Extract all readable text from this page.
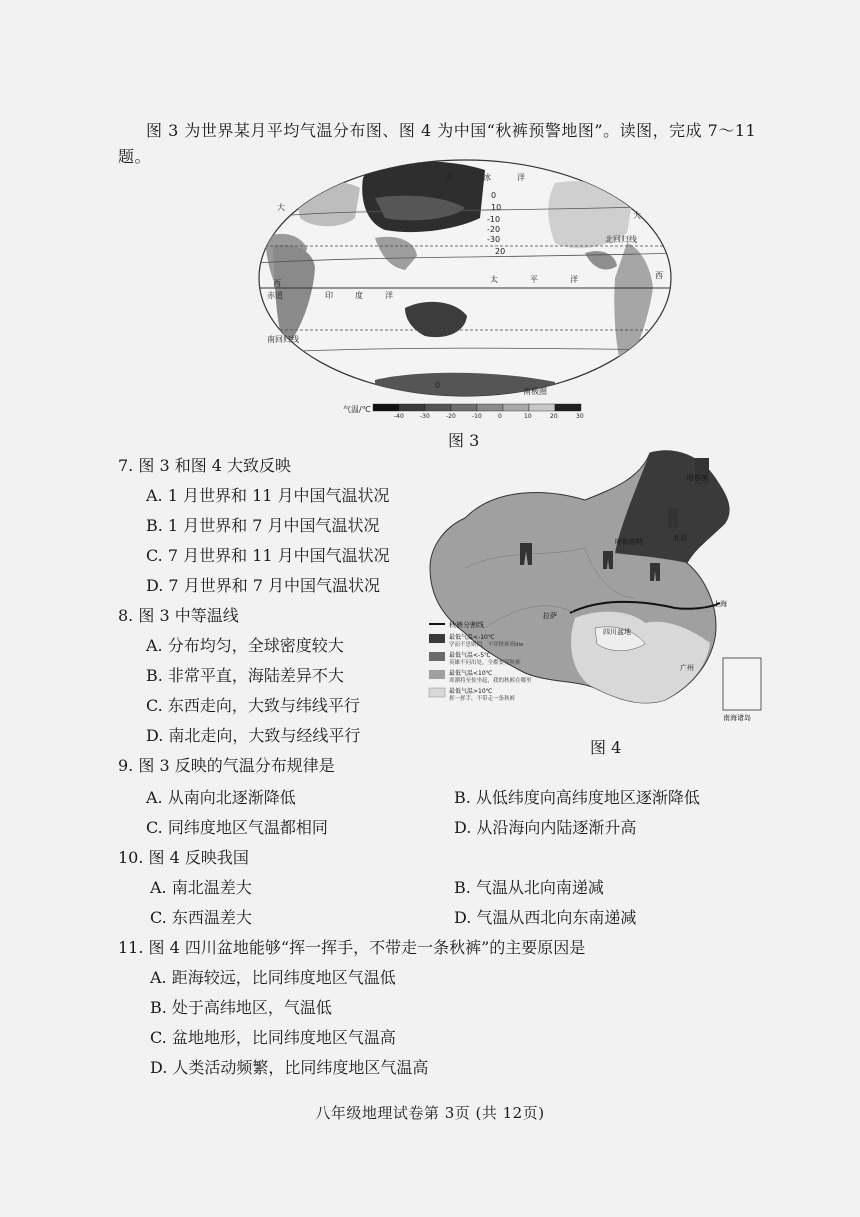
图 3 为世界某月平均气温分布图、图 4 为中国“秋裤预警地图”。读图，完成 7～11
题。
北	冰	洋
大
大
西	太	平	洋	西
赤道	印	度	洋
北回归线
南回归线
南极圈
0
10
-10
-20
-30
20
0
气温/℃
-40	-30	-20	-10	0	10	20	30
图 3
哈尔滨
呼和浩特	北京
拉萨
四川盆地
上海
广州
南海诸岛
秋裤分割线
最低气温<-10℃
学而不思则罔，不穿秋裤则die
最低气温<-5℃
英雄不问出处，全都要穿秋裤
最低气温<10℃
寒潮将至惊坐起，我的秋裤在哪里
最低气温>10℃
挥一挥手，不带走一条秋裤
图 4
7. 图 3 和图 4 大致反映
A. 1 月世界和 11 月中国气温状况
B. 1 月世界和 7 月中国气温状况
C. 7 月世界和 11 月中国气温状况
D. 7 月世界和 7 月中国气温状况
8. 图 3 中等温线
A. 分布均匀，全球密度较大
B. 非常平直，海陆差异不大
C. 东西走向，大致与纬线平行
D. 南北走向，大致与经线平行
9. 图 3 反映的气温分布规律是
A. 从南向北逐渐降低	B. 从低纬度向高纬度地区逐渐降低
C. 同纬度地区气温都相同	D. 从沿海向内陆逐渐升高
10. 图 4 反映我国
A. 南北温差大	B. 气温从北向南递减
C. 东西温差大	D. 气温从西北向东南递减
11. 图 4 四川盆地能够“挥一挥手，不带走一条秋裤”的主要原因是
A. 距海较远，比同纬度地区气温低
B. 处于高纬地区，气温低
C. 盆地地形，比同纬度地区气温高
D. 人类活动频繁，比同纬度地区气温高
八年级地理试卷第 3页 (共 12页)
